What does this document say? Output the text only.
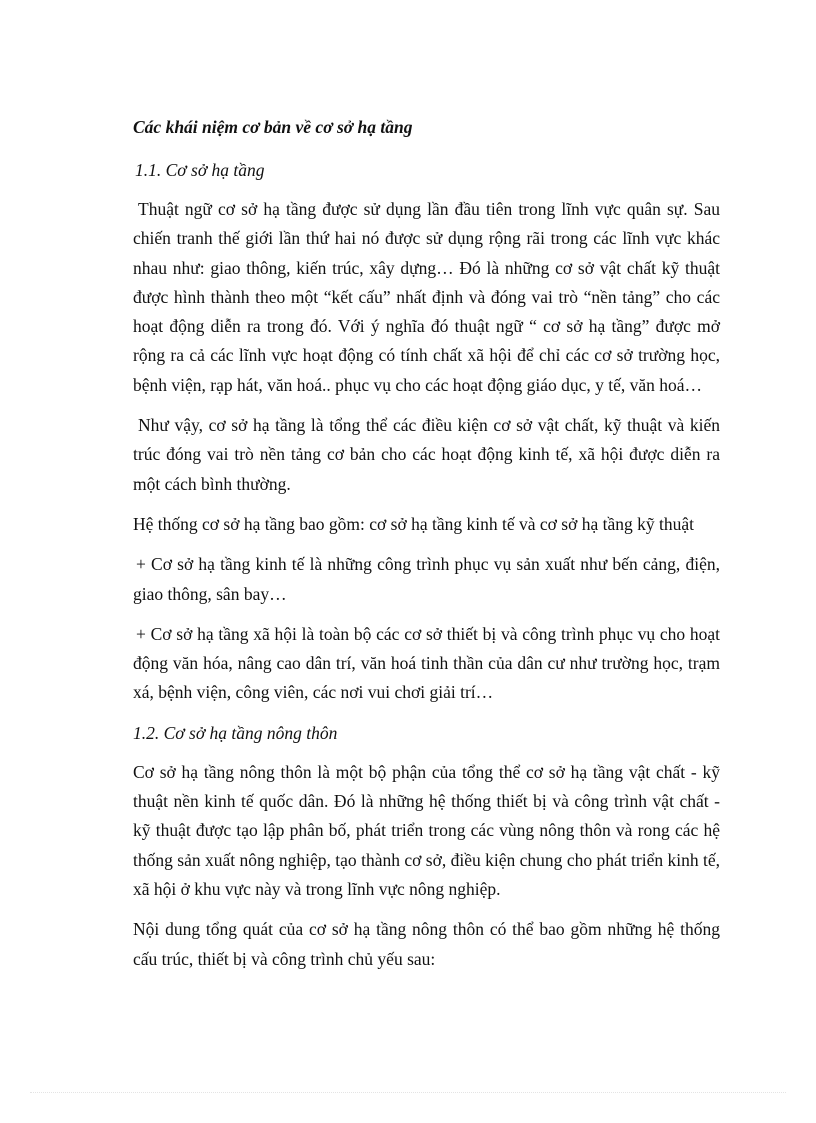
Các khái niệm cơ bản về cơ sở hạ tầng
1.1. Cơ sở hạ tầng

Thuật ngữ cơ sở hạ tầng được sử dụng lần đầu tiên trong lĩnh vực quân sự. Sau chiến tranh thế giới lần thứ hai nó được sử dụng rộng rãi trong các lĩnh vực khác nhau như: giao thông, kiến trúc, xây dựng… Đó là những cơ sở vật chất kỹ thuật được hình thành theo một “kết cấu” nhất định và đóng vai trò “nền tảng” cho các hoạt động diễn ra trong đó. Với ý nghĩa đó thuật ngữ “ cơ sở hạ tầng” được mở rộng ra cả các lĩnh vực hoạt động có tính chất xã hội để chỉ các cơ sở trường học, bệnh viện, rạp hát, văn hoá.. phục vụ cho các hoạt động giáo dục, y tế, văn hoá…

Như vậy, cơ sở hạ tầng là tổng thể các điều kiện cơ sở vật chất, kỹ thuật và kiến trúc đóng vai trò nền tảng cơ bản cho các hoạt động kinh tế, xã hội được diễn ra một cách bình thường.

Hệ thống cơ sở hạ tầng bao gồm: cơ sở hạ tầng kinh tế và cơ sở hạ tầng kỹ thuật

+ Cơ sở hạ tầng kinh tế là những công trình phục vụ sản xuất như bến cảng, điện, giao thông, sân bay…

+ Cơ sở hạ tầng xã hội là toàn bộ các cơ sở thiết bị và công trình phục vụ cho hoạt động văn hóa, nâng cao dân trí, văn hoá tinh thần của dân cư như trường học, trạm xá, bệnh viện, công viên, các nơi vui chơi giải trí…

1.2. Cơ sở hạ tầng nông thôn

Cơ sở hạ tầng nông thôn là một bộ phận của tổng thể cơ sở hạ tầng vật chất - kỹ thuật nền kinh tế quốc dân. Đó là những hệ thống thiết bị và công trình vật chất - kỹ thuật được tạo lập phân bố, phát triển trong các vùng nông thôn và rong các hệ thống sản xuất nông nghiệp, tạo thành cơ sở, điều kiện chung cho phát triển kinh tế, xã hội ở khu vực này và trong lĩnh vực nông nghiệp.

Nội dung tổng quát của cơ sở hạ tầng nông thôn có thể bao gồm những hệ thống cấu trúc, thiết bị và công trình chủ yếu sau:
